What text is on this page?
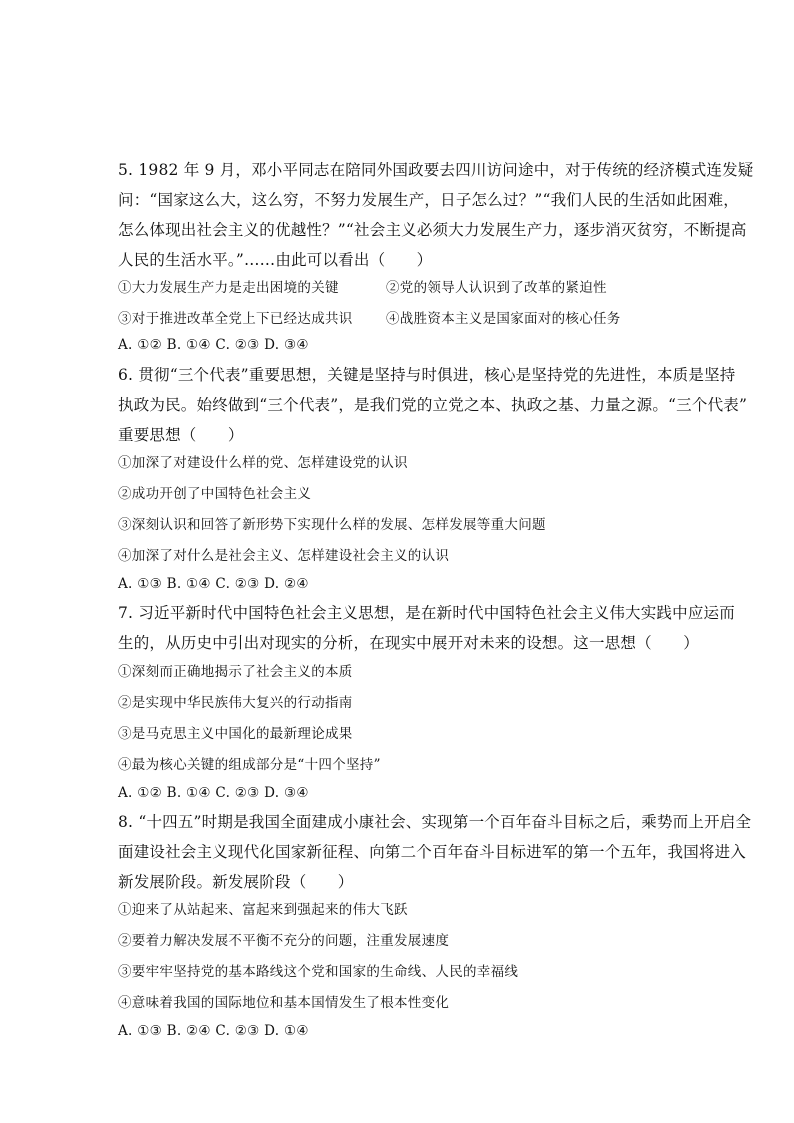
5. 1982 年 9 月，邓小平同志在陪同外国政要去四川访问途中，对于传统的经济模式连发疑
问：“国家这么大，这么穷，不努力发展生产，日子怎么过？”“我们人民的生活如此困难，
怎么体现出社会主义的优越性？”“社会主义必须大力发展生产力，逐步消灭贫穷，不断提高
人民的生活水平。”……由此可以看出（　　）
①大力发展生产力是走出困境的关键	②党的领导人认识到了改革的紧迫性
③对于推进改革全党上下已经达成共识 ④战胜资本主义是国家面对的核心任务
A. ①② B. ①④ C. ②③ D. ③④
6. 贯彻“三个代表”重要思想，关键是坚持与时俱进，核心是坚持党的先进性，本质是坚持
执政为民。始终做到“三个代表”，是我们党的立党之本、执政之基、力量之源。“三个代表”
重要思想（　　）
①加深了对建设什么样的党、怎样建设党的认识
②成功开创了中国特色社会主义
③深刻认识和回答了新形势下实现什么样的发展、怎样发展等重大问题
④加深了对什么是社会主义、怎样建设社会主义的认识
A. ①③ B. ①④ C. ②③ D. ②④
7. 习近平新时代中国特色社会主义思想，是在新时代中国特色社会主义伟大实践中应运而
生的，从历史中引出对现实的分析，在现实中展开对未来的设想。这一思想（　　）
①深刻而正确地揭示了社会主义的本质
②是实现中华民族伟大复兴的行动指南
③是马克思主义中国化的最新理论成果
④最为核心关键的组成部分是“十四个坚持”
A. ①② B. ①④ C. ②③ D. ③④
8. “十四五”时期是我国全面建成小康社会、实现第一个百年奋斗目标之后，乘势而上开启全
面建设社会主义现代化国家新征程、向第二个百年奋斗目标进军的第一个五年，我国将进入
新发展阶段。新发展阶段（　　）
①迎来了从站起来、富起来到强起来的伟大飞跃
②要着力解决发展不平衡不充分的问题，注重发展速度
③要牢牢坚持党的基本路线这个党和国家的生命线、人民的幸福线
④意味着我国的国际地位和基本国情发生了根本性变化
A. ①③ B. ②④ C. ②③ D. ①④
